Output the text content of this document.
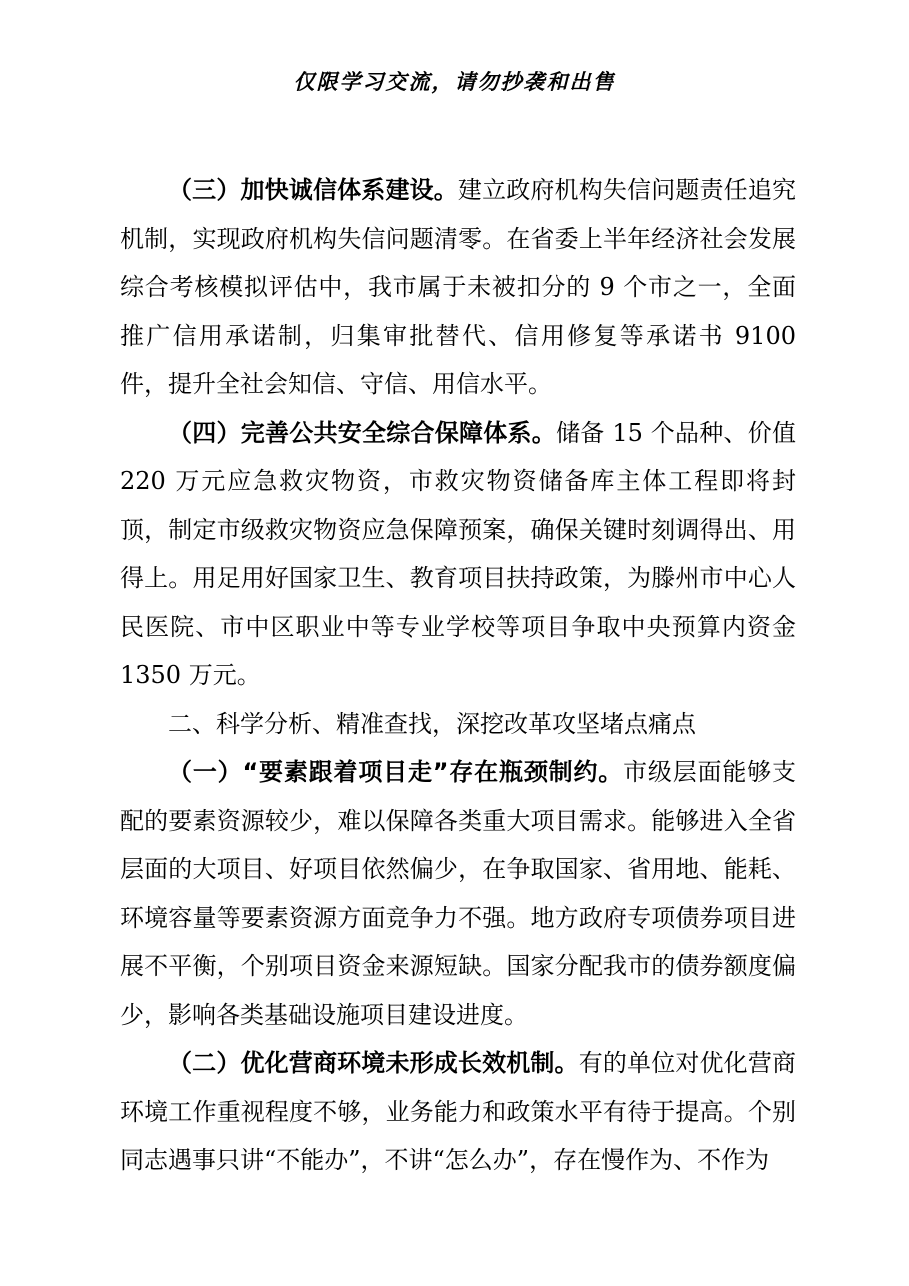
仅限学习交流，请勿抄袭和出售

（三）加快诚信体系建设。建立政府机构失信问题责任追究机制，实现政府机构失信问题清零。在省委上半年经济社会发展综合考核模拟评估中，我市属于未被扣分的 9 个市之一，全面推广信用承诺制，归集审批替代、信用修复等承诺书 9100 件，提升全社会知信、守信、用信水平。

（四）完善公共安全综合保障体系。储备 15 个品种、价值 220 万元应急救灾物资，市救灾物资储备库主体工程即将封顶，制定市级救灾物资应急保障预案，确保关键时刻调得出、用得上。用足用好国家卫生、教育项目扶持政策，为滕州市中心人民医院、市中区职业中等专业学校等项目争取中央预算内资金 1350 万元。

二、科学分析、精准查找，深挖改革攻坚堵点痛点

（一）“要素跟着项目走”存在瓶颈制约。市级层面能够支配的要素资源较少，难以保障各类重大项目需求。能够进入全省层面的大项目、好项目依然偏少，在争取国家、省用地、能耗、环境容量等要素资源方面竞争力不强。地方政府专项债券项目进展不平衡，个别项目资金来源短缺。国家分配我市的债券额度偏少，影响各类基础设施项目建设进度。

（二）优化营商环境未形成长效机制。有的单位对优化营商环境工作重视程度不够，业务能力和政策水平有待于提高。个别同志遇事只讲“不能办”，不讲“怎么办”，存在慢作为、不作为
